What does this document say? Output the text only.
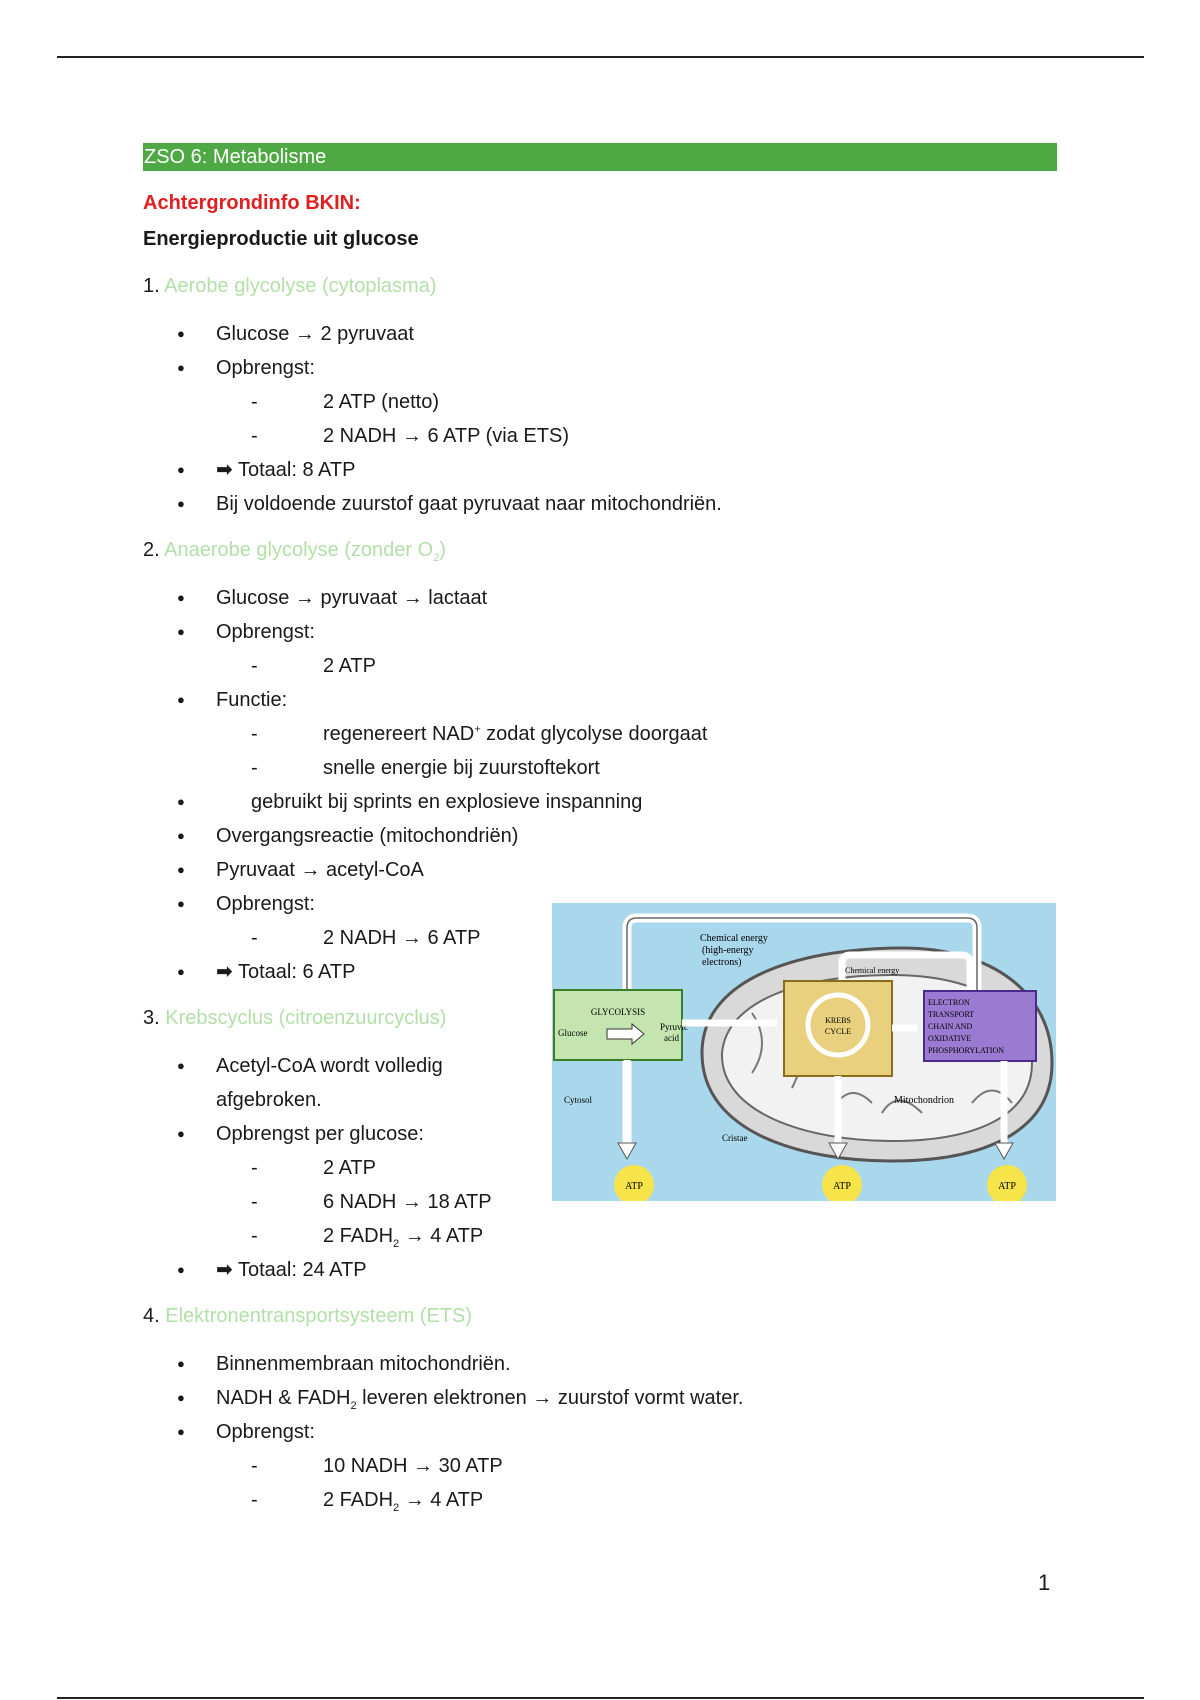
ZSO 6: Metabolisme
Achtergrondinfo BKIN:
Energieproductie uit glucose
1. Aerobe glycolyse (cytoplasma)
● Glucose → 2 pyruvaat
● Opbrengst:
- 2 ATP (netto)
- 2 NADH → 6 ATP (via ETS)
● ➡ Totaal: 8 ATP
● Bij voldoende zuurstof gaat pyruvaat naar mitochondriën.
2. Anaerobe glycolyse (zonder $O_2$)
● Glucose → pyruvaat → lactaat
● Opbrengst:
- 2 ATP
● Functie:
- regenereert NAD+ zodat glycolyse doorgaat
- snelle energie bij zuurstoftekort
● gebruikt bij sprints en explosieve inspanning
● Overgangsreactie (mitochondriën)
● Pyruvaat → acetyl-CoA
● Opbrengst:
- 2 NADH → 6 ATP
● ➡ Totaal: 6 ATP
3. Krebscyclus (citroenzuurcyclus)
● Acetyl-CoA wordt volledig afgebroken.
● Opbrengst per glucose:
- 2 ATP
- 6 NADH → 18 ATP
- 2 $FADH_2 \to 4$ ATP
● ➡ Totaal: 24 ATP
4. Elektronentransportsysteem (ETS)
● Binnenmembraan mitochondriën.
● NADH & $FADH_2$ leveren elektronen → zuurstof vormt water.
● Opbrengst:
- 10 NADH → 30 ATP
- 2 $FADH_2 \to 4$ ATP
GLYCOLYSIS
Glucose
Pyruvic
acid
KREBS
CYCLE
ELECTRON
TRANSPORT
CHAIN AND
OXIDATIVE
PHOSPHORYLATION
Chemical energy
(high-energy
electrons)
Chemical energy
Cytosol	Mitochondrion
Cristae
ATP	ATP	ATP
1
